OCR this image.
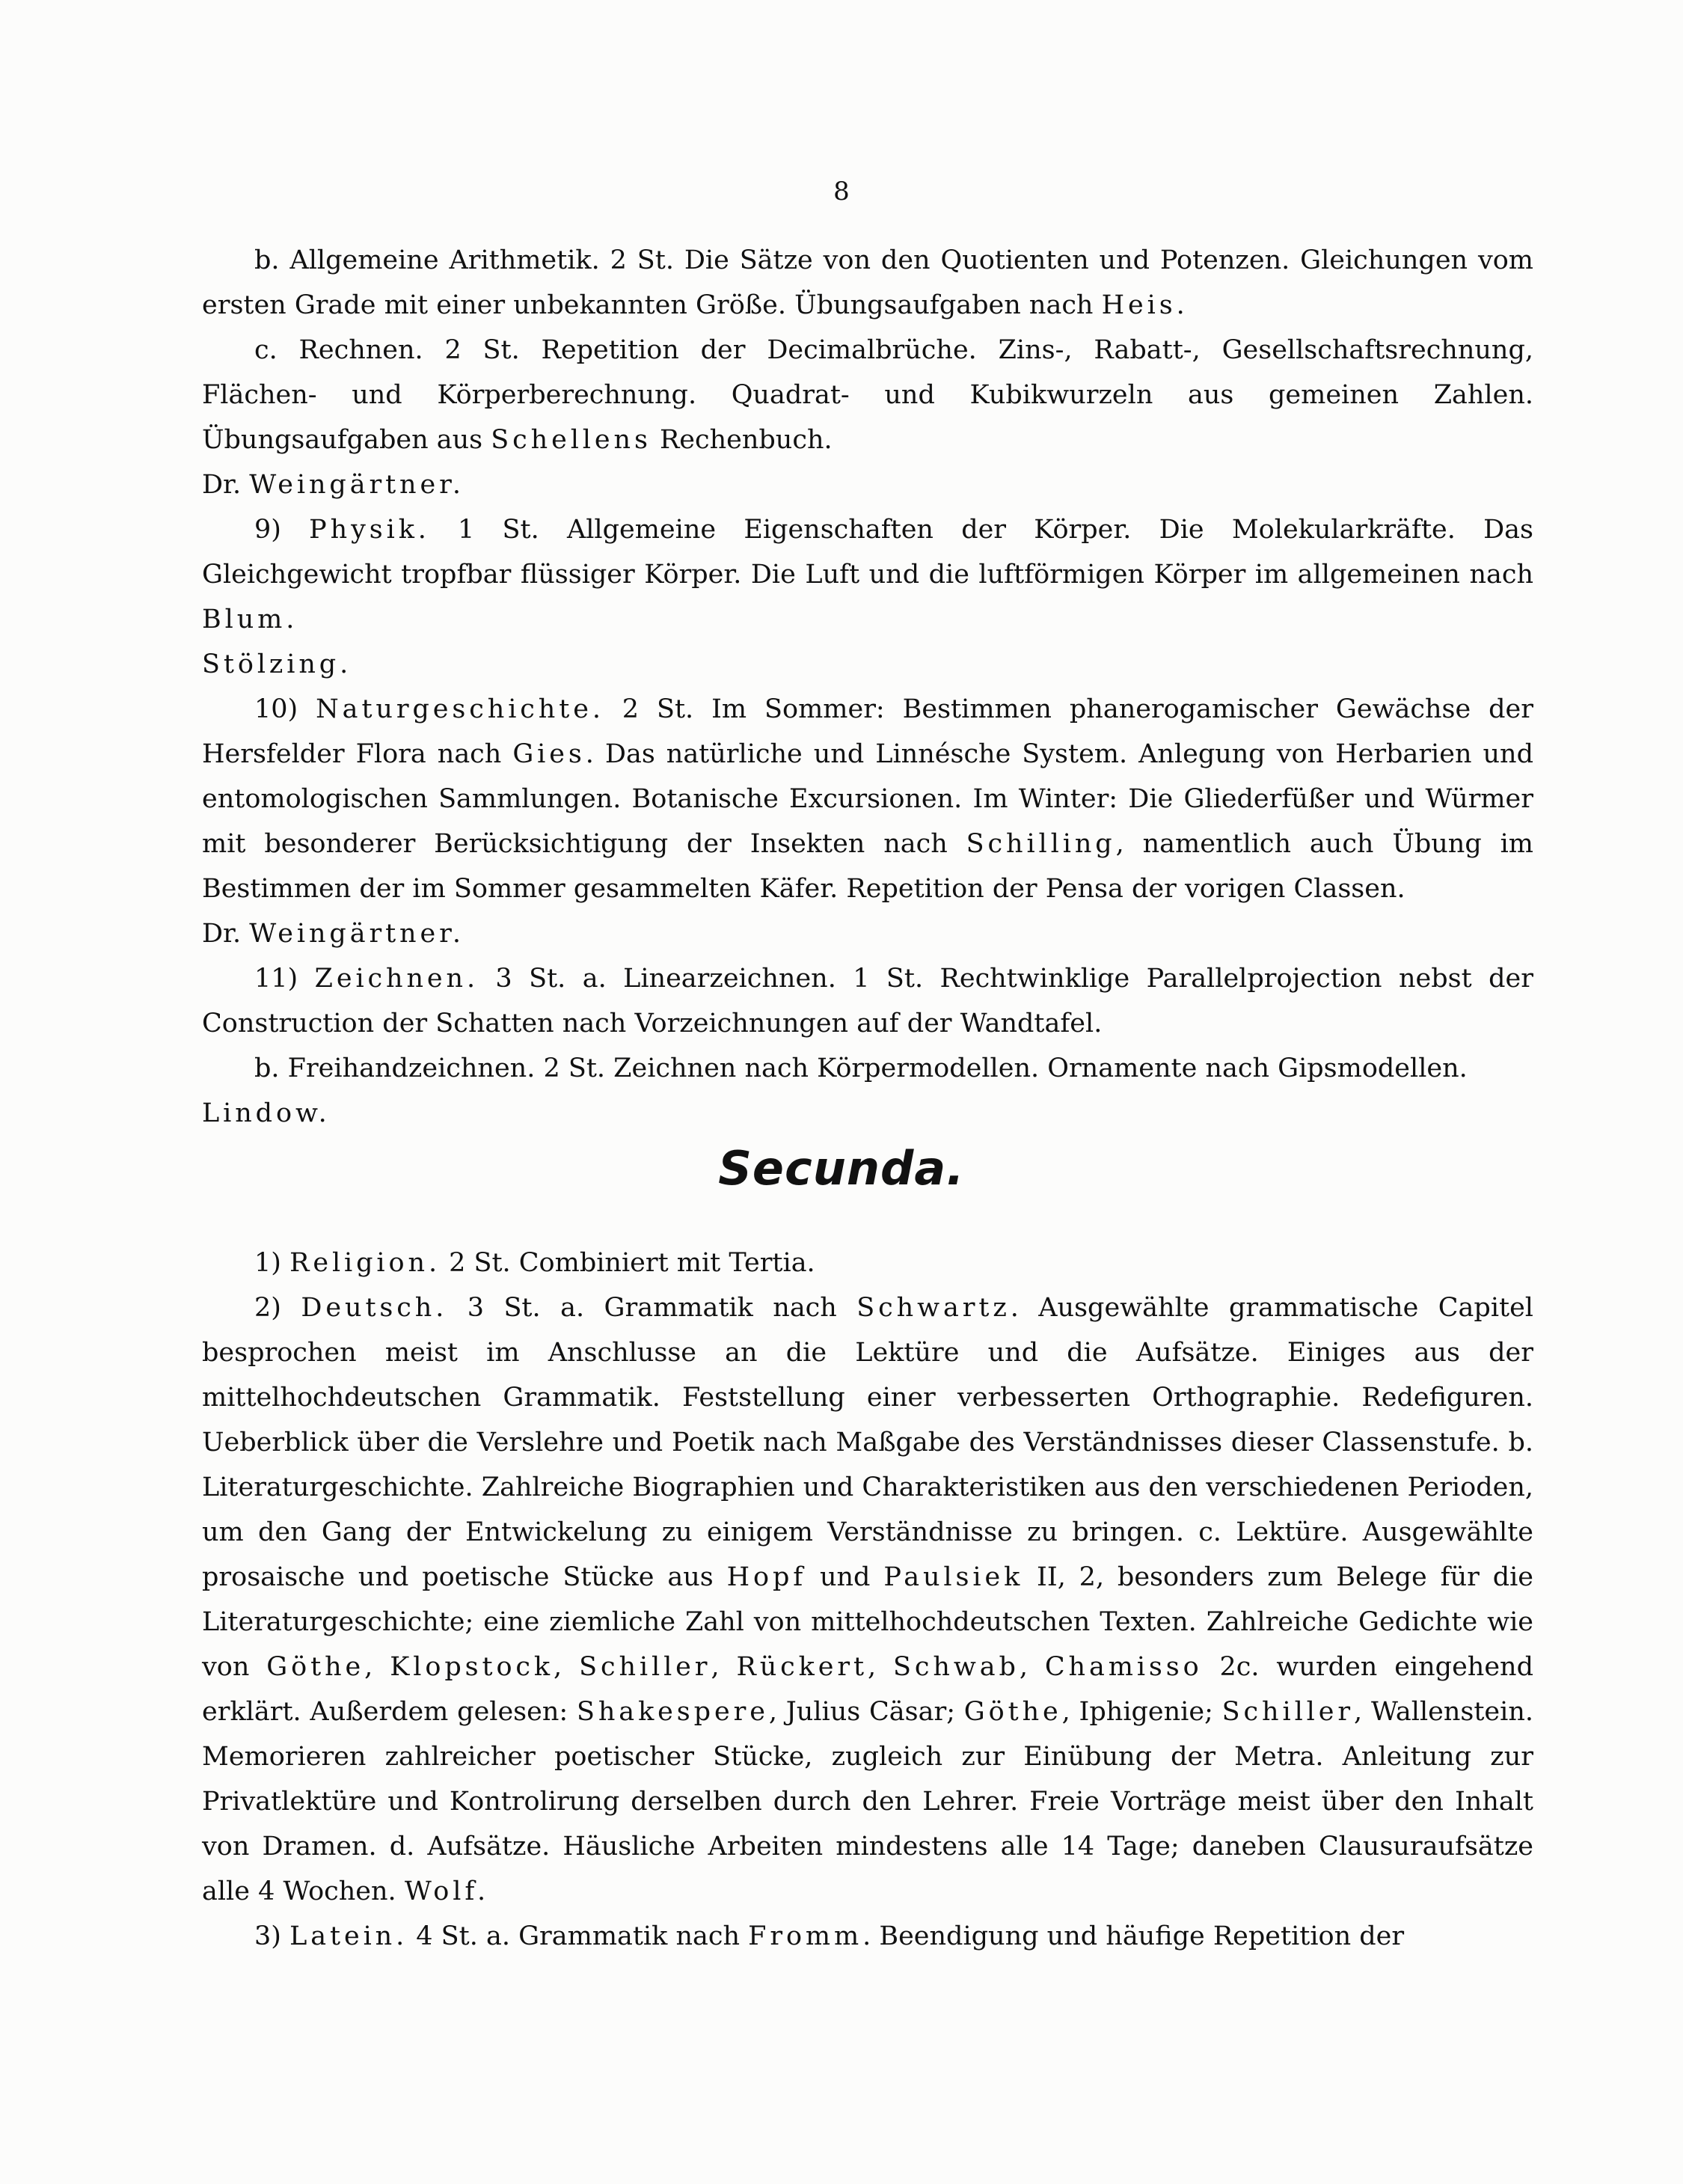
8

b. Allgemeine Arithmetik. 2 St. Die Sätze von den Quotienten und Potenzen. Gleichungen vom ersten Grade mit einer unbekannten Größe. Übungsaufgaben nach Heis.

c. Rechnen. 2 St. Repetition der Decimalbrüche. Zins-, Rabatt-, Gesellschaftsrechnung, Flächen- und Körperberechnung. Quadrat- und Kubikwurzeln aus gemeinen Zahlen. Übungsaufgaben aus Schellens Rechenbuch.

Dr. Weingärtner.

9) Physik. 1 St. Allgemeine Eigenschaften der Körper. Die Molekularkräfte. Das Gleichgewicht tropfbar flüssiger Körper. Die Luft und die luftförmigen Körper im allgemeinen nach Blum.

Stölzing.

10) Naturgeschichte. 2 St. Im Sommer: Bestimmen phanerogamischer Gewächse der Hersfelder Flora nach Gies. Das natürliche und Linnésche System. Anlegung von Herbarien und entomologischen Sammlungen. Botanische Excursionen. Im Winter: Die Gliederfüßer und Würmer mit besonderer Berücksichtigung der Insekten nach Schilling, namentlich auch Übung im Bestimmen der im Sommer gesammelten Käfer. Repetition der Pensa der vorigen Classen.

Dr. Weingärtner.

11) Zeichnen. 3 St. a. Linearzeichnen. 1 St. Rechtwinklige Parallelprojection nebst der Construction der Schatten nach Vorzeichnungen auf der Wandtafel.

b. Freihandzeichnen. 2 St. Zeichnen nach Körpermodellen. Ornamente nach Gipsmodellen.

Lindow.

Secunda.

1) Religion. 2 St. Combiniert mit Tertia.

2) Deutsch. 3 St. a. Grammatik nach Schwartz. Ausgewählte grammatische Capitel besprochen meist im Anschlusse an die Lektüre und die Aufsätze. Einiges aus der mittelhochdeutschen Grammatik. Feststellung einer verbesserten Orthographie. Redefiguren. Ueberblick über die Verslehre und Poetik nach Maßgabe des Verständnisses dieser Classenstufe. b. Literaturgeschichte. Zahlreiche Biographien und Charakteristiken aus den verschiedenen Perioden, um den Gang der Entwickelung zu einigem Verständnisse zu bringen. c. Lektüre. Ausgewählte prosaische und poetische Stücke aus Hopf und Paulsiek II, 2, besonders zum Belege für die Literaturgeschichte; eine ziemliche Zahl von mittelhochdeutschen Texten. Zahlreiche Gedichte wie von Göthe, Klopstock, Schiller, Rückert, Schwab, Chamisso 2c. wurden eingehend erklärt. Außerdem gelesen: Shakespere, Julius Cäsar; Göthe, Iphigenie; Schiller, Wallenstein. Memorieren zahlreicher poetischer Stücke, zugleich zur Einübung der Metra. Anleitung zur Privatlektüre und Kontrolirung derselben durch den Lehrer. Freie Vorträge meist über den Inhalt von Dramen. d. Aufsätze. Häusliche Arbeiten mindestens alle 14 Tage; daneben Clausuraufsätze alle 4 Wochen. Wolf.

3) Latein. 4 St. a. Grammatik nach Fromm. Beendigung und häufige Repetition der
